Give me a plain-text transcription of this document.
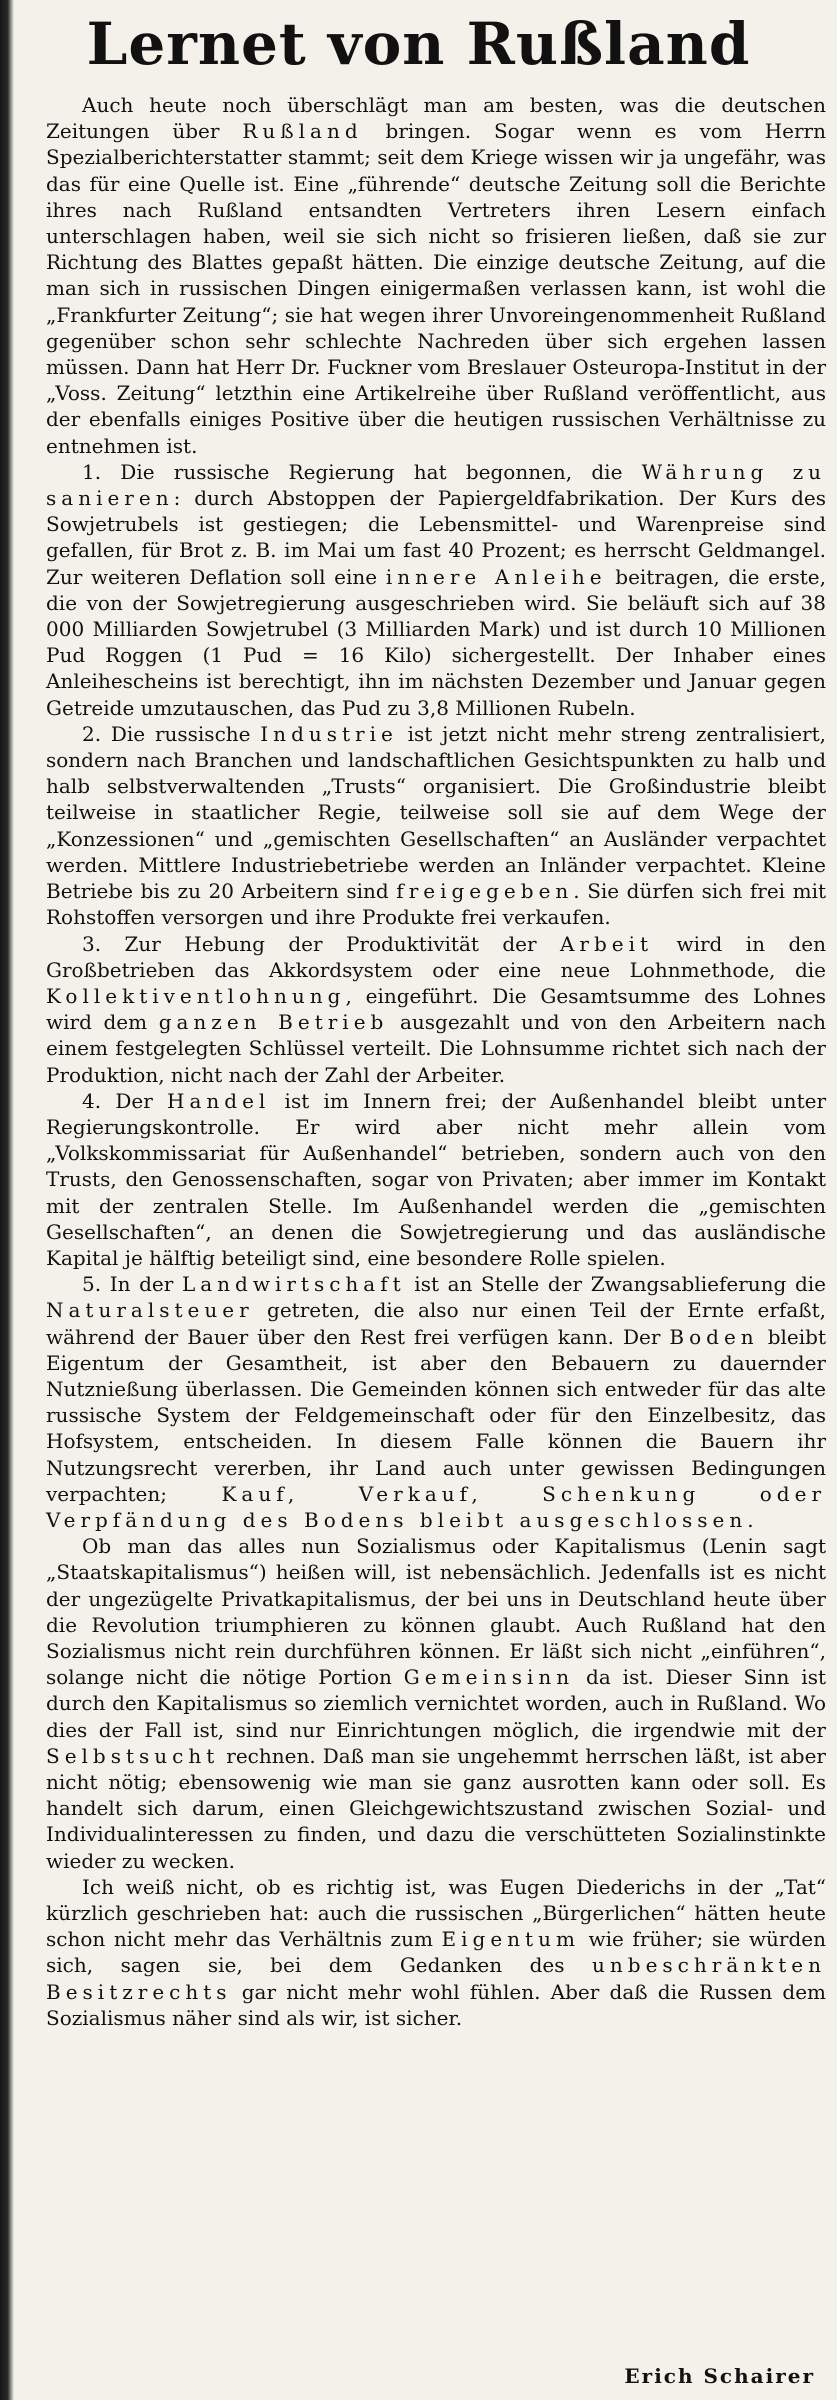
Lernet von Rußland

Auch heute noch überschlägt man am besten, was die deutschen Zeitungen über Rußland bringen. Sogar wenn es vom Herrn Spezialberichterstatter stammt; seit dem Kriege wissen wir ja ungefähr, was das für eine Quelle ist. Eine „führende“ deutsche Zeitung soll die Berichte ihres nach Rußland entsandten Vertreters ihren Lesern einfach unterschlagen haben, weil sie sich nicht so frisieren ließen, daß sie zur Richtung des Blattes gepaßt hätten. Die einzige deutsche Zeitung, auf die man sich in russischen Dingen einigermaßen verlassen kann, ist wohl die „Frankfurter Zeitung“; sie hat wegen ihrer Unvoreingenommenheit Rußland gegenüber schon sehr schlechte Nachreden über sich ergehen lassen müssen. Dann hat Herr Dr. Fuckner vom Breslauer Osteuropa-Institut in der „Voss. Zeitung“ letzthin eine Artikelreihe über Rußland veröffentlicht, aus der ebenfalls einiges Positive über die heutigen russischen Verhältnisse zu entnehmen ist.

1. Die russische Regierung hat begonnen, die Währung zu sanieren: durch Abstoppen der Papiergeldfabrikation. Der Kurs des Sowjetrubels ist gestiegen; die Lebensmittel- und Warenpreise sind gefallen, für Brot z. B. im Mai um fast 40 Prozent; es herrscht Geldmangel. Zur weiteren Deflation soll eine innere Anleihe beitragen, die erste, die von der Sowjetregierung ausgeschrieben wird. Sie beläuft sich auf 38 000 Milliarden Sowjetrubel (3 Milliarden Mark) und ist durch 10 Millionen Pud Roggen (1 Pud = 16 Kilo) sichergestellt. Der Inhaber eines Anleihescheins ist berechtigt, ihn im nächsten Dezember und Januar gegen Getreide umzutauschen, das Pud zu 3,8 Millionen Rubeln.

2. Die russische Industrie ist jetzt nicht mehr streng zentralisiert, sondern nach Branchen und landschaftlichen Gesichtspunkten zu halb und halb selbstverwaltenden „Trusts“ organisiert. Die Großindustrie bleibt teilweise in staatlicher Regie, teilweise soll sie auf dem Wege der „Konzessionen“ und „gemischten Gesellschaften“ an Ausländer verpachtet werden. Mittlere Industriebetriebe werden an Inländer verpachtet. Kleine Betriebe bis zu 20 Arbeitern sind freigegeben. Sie dürfen sich frei mit Rohstoffen versorgen und ihre Produkte frei verkaufen.

3. Zur Hebung der Produktivität der Arbeit wird in den Großbetrieben das Akkordsystem oder eine neue Lohnmethode, die Kollektiventlohnung, eingeführt. Die Gesamtsumme des Lohnes wird dem ganzen Betrieb ausgezahlt und von den Arbeitern nach einem festgelegten Schlüssel verteilt. Die Lohnsumme richtet sich nach der Produktion, nicht nach der Zahl der Arbeiter.

4. Der Handel ist im Innern frei; der Außenhandel bleibt unter Regierungskontrolle. Er wird aber nicht mehr allein vom „Volkskommissariat für Außenhandel“ betrieben, sondern auch von den Trusts, den Genossenschaften, sogar von Privaten; aber immer im Kontakt mit der zentralen Stelle. Im Außenhandel werden die „gemischten Gesellschaften“, an denen die Sowjetregierung und das ausländische Kapital je hälftig beteiligt sind, eine besondere Rolle spielen.

5. In der Landwirtschaft ist an Stelle der Zwangsablieferung die Naturalsteuer getreten, die also nur einen Teil der Ernte erfaßt, während der Bauer über den Rest frei verfügen kann. Der Boden bleibt Eigentum der Gesamtheit, ist aber den Bebauern zu dauernder Nutznießung überlassen. Die Gemeinden können sich entweder für das alte russische System der Feldgemeinschaft oder für den Einzelbesitz, das Hofsystem, entscheiden. In diesem Falle können die Bauern ihr Nutzungsrecht vererben, ihr Land auch unter gewissen Bedingungen verpachten; Kauf, Verkauf, Schenkung oder Verpfändung des Bodens bleibt ausgeschlossen.

Ob man das alles nun Sozialismus oder Kapitalismus (Lenin sagt „Staatskapitalismus“) heißen will, ist nebensächlich. Jedenfalls ist es nicht der ungezügelte Privatkapitalismus, der bei uns in Deutschland heute über die Revolution triumphieren zu können glaubt. Auch Rußland hat den Sozialismus nicht rein durchführen können. Er läßt sich nicht „einführen“, solange nicht die nötige Portion Gemeinsinn da ist. Dieser Sinn ist durch den Kapitalismus so ziemlich vernichtet worden, auch in Rußland. Wo dies der Fall ist, sind nur Einrichtungen möglich, die irgendwie mit der Selbstsucht rechnen. Daß man sie ungehemmt herrschen läßt, ist aber nicht nötig; ebensowenig wie man sie ganz ausrotten kann oder soll. Es handelt sich darum, einen Gleichgewichtszustand zwischen Sozial- und Individualinteressen zu finden, und dazu die verschütteten Sozialinstinkte wieder zu wecken.

Ich weiß nicht, ob es richtig ist, was Eugen Diederichs in der „Tat“ kürzlich geschrieben hat: auch die russischen „Bürgerlichen“ hätten heute schon nicht mehr das Verhältnis zum Eigentum wie früher; sie würden sich, sagen sie, bei dem Gedanken des unbeschränkten Besitzrechts gar nicht mehr wohl fühlen. Aber daß die Russen dem Sozialismus näher sind als wir, ist sicher.

Erich Schairer
